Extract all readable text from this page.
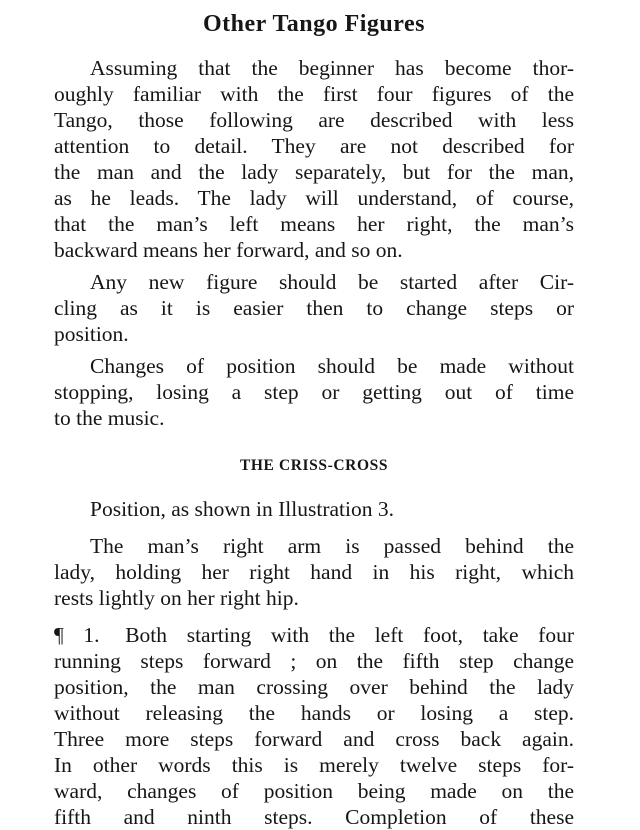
Other Tango Figures

Assuming that the beginner has become thor-
oughly familiar with the first four figures of the
Tango, those following are described with less
attention to detail. They are not described for
the man and the lady separately, but for the man,
as he leads. The lady will understand, of course,
that the man’s left means her right, the man’s
backward means her forward, and so on.

Any new figure should be started after Cir-
cling as it is easier then to change steps or
position.

Changes of position should be made without
stopping, losing a step or getting out of time
to the music.

THE CRISS-CROSS

Position, as shown in Illustration 3.

The man’s right arm is passed behind the
lady, holding her right hand in his right, which
rests lightly on her right hip.

¶ 1. Both starting with the left foot, take four
running steps forward ; on the fifth step change
position, the man crossing over behind the lady
without releasing the hands or losing a step.
Three more steps forward and cross back again.
In other words this is merely twelve steps for-
ward, changes of position being made on the
fifth and ninth steps. Completion of these
